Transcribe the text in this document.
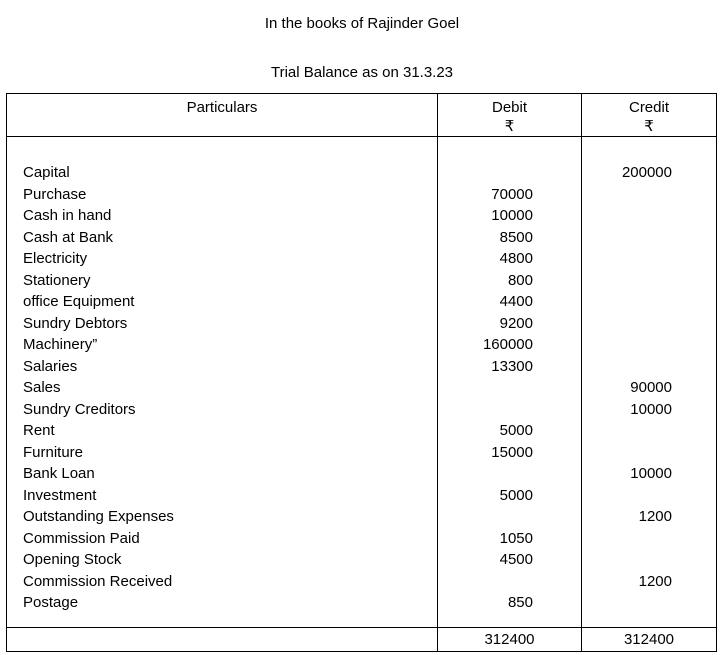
In the books of Rajinder Goel
Trial Balance as on 31.3.23
Particulars	Debit
₹
Credit
₹
Capital
Purchase
Cash in hand
Cash at Bank
Electricity
Stationery
office Equipment
Sundry Debtors
Machinery”
Salaries
Sales
Sundry Creditors
Rent
Furniture
Bank Loan
Investment
Outstanding Expenses
Commission Paid
Opening Stock
Commission Received
Postage
70000
10000
8500
4800
800
4400
9200
160000
13300
5000
15000
5000
1050
4500
850
200000
90000
10000
10000
1200
1200
312400	312400
